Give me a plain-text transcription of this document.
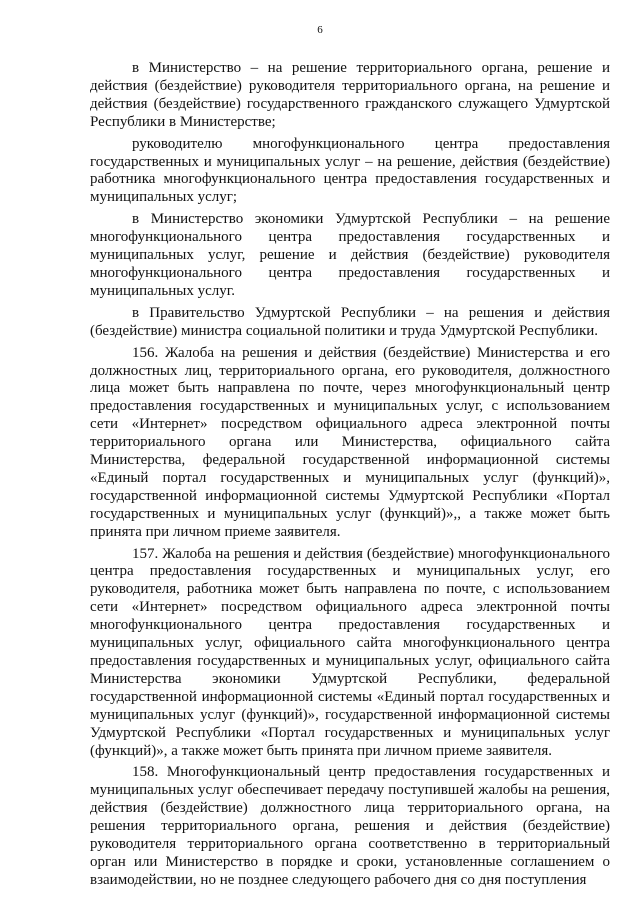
6

в Министерство – на решение территориального органа, решение и действия (бездействие) руководителя территориального органа, на решение и действия (бездействие) государственного гражданского служащего Удмуртской Республики в Министерстве;

руководителю многофункционального центра предоставления государственных и муниципальных услуг – на решение, действия (бездействие) работника многофункционального центра предоставления государственных и муниципальных услуг;

в Министерство экономики Удмуртской Республики – на решение многофункционального центра предоставления государственных и муниципальных услуг, решение и действия (бездействие) руководителя многофункционального центра предоставления государственных и муниципальных услуг.

в Правительство Удмуртской Республики – на решения и действия (бездействие) министра социальной политики и труда Удмуртской Республики.

156. Жалоба на решения и действия (бездействие) Министерства и его должностных лиц, территориального органа, его руководителя, должностного лица может быть направлена по почте, через многофункциональный центр предоставления государственных и муниципальных услуг, с использованием сети «Интернет» посредством официального адреса электронной почты территориального органа или Министерства, официального сайта Министерства, федеральной государственной информационной системы «Единый портал государственных и муниципальных услуг (функций)», государственной информационной системы Удмуртской Республики «Портал государственных и муниципальных услуг (функций)»,, а также может быть принята при личном приеме заявителя.

157. Жалоба на решения и действия (бездействие) многофункционального центра предоставления государственных и муниципальных услуг, его руководителя, работника может быть направлена по почте, с использованием сети «Интернет» посредством официального адреса электронной почты многофункционального центра предоставления государственных и муниципальных услуг, официального сайта многофункционального центра предоставления государственных и муниципальных услуг, официального сайта Министерства экономики Удмуртской Республики, федеральной государственной информационной системы «Единый портал государственных и муниципальных услуг (функций)», государственной информационной системы Удмуртской Республики «Портал государственных и муниципальных услуг (функций)», а также может быть принята при личном приеме заявителя.

158. Многофункциональный центр предоставления государственных и муниципальных услуг обеспечивает передачу поступившей жалобы на решения, действия (бездействие) должностного лица территориального органа, на решения территориального органа, решения и действия (бездействие) руководителя территориального органа соответственно в территориальный орган или Министерство в порядке и сроки, установленные соглашением о взаимодействии, но не позднее следующего рабочего дня со дня поступления
